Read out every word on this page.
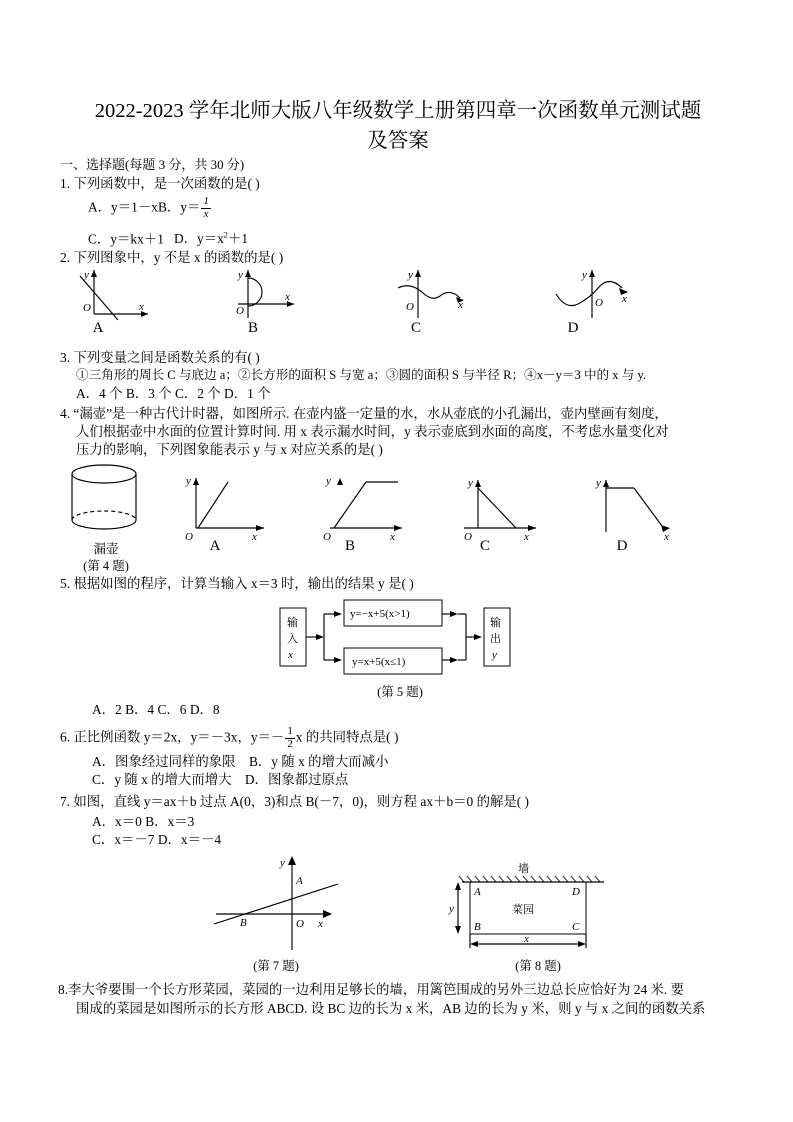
2022-2023 学年北师大版八年级数学上册第四章一次函数单元测试题
及答案
一、选择题(每题 3 分，共 30 分)
1. 下列函数中，是一次函数的是( )
A．y＝1－xB．$y= \frac{1}{x}$
C．y＝kx＋1 D．$y=x^2+1$
2. 下列图象中，y 不是 x 的函数的是( )
O	x
y
O
x
y
O	x
y
O x
y
A	B	C	D
3. 下列变量之间是函数关系的有( )
①三角形的周长 C 与底边 a；②长方形的面积 S 与宽 a；③圆的面积 S 与半径 R；④x－y＝3 中的 x 与 y.
A．4 个 B．3 个 C．2 个 D．1 个
4. “漏壶”是一种古代计时器，如图所示. 在壶内盛一定量的水，水从壶底的小孔漏出，壶内壁画有刻度，
人们根据壶中水面的位置计算时间. 用 x 表示漏水时间，y 表示壶底到水面的高度，不考虑水量变化对
压力的影响，下列图象能表示 y 与 x 对应关系的是( )
漏壶
(第 4 题)
O	x
y
O	x
y
O	x
y
x
y
A	B	C	D
5. 根据如图的程序，计算当输入 x＝3 时，输出的结果 y 是( )
输
入
x
y=−x+5(x>1)
y=x+5(x≤1)
输
出
y
(第 5 题)
A．2 B．4 C．6 D．8
6. 正比例函数 y＝2x，y＝－3x，$y=- \frac{1}{2}$ x 的共同特点是( )
A．图象经过同样的象限 B．y 随 x 的增大而减小
C．y 随 x 的增大而增大 D．图象都过原点
7. 如图，直线 y＝ax＋b 过点 A(0，3)和点 B(－7，0)，则方程 ax＋b＝0 的解是( )
A．x＝0 B．x＝3
C．x＝－7 D．x＝－4
A
B	O x
y
(第 7 题)
墙
A	D
B	C
菜园
y
x
(第 8 题)
8.李大爷要围一个长方形菜园，菜园的一边利用足够长的墙，用篱笆围成的另外三边总长应恰好为 24 米. 要
围成的菜园是如图所示的长方形 ABCD. 设 BC 边的长为 x 米，AB 边的长为 y 米，则 y 与 x 之间的函数关系
